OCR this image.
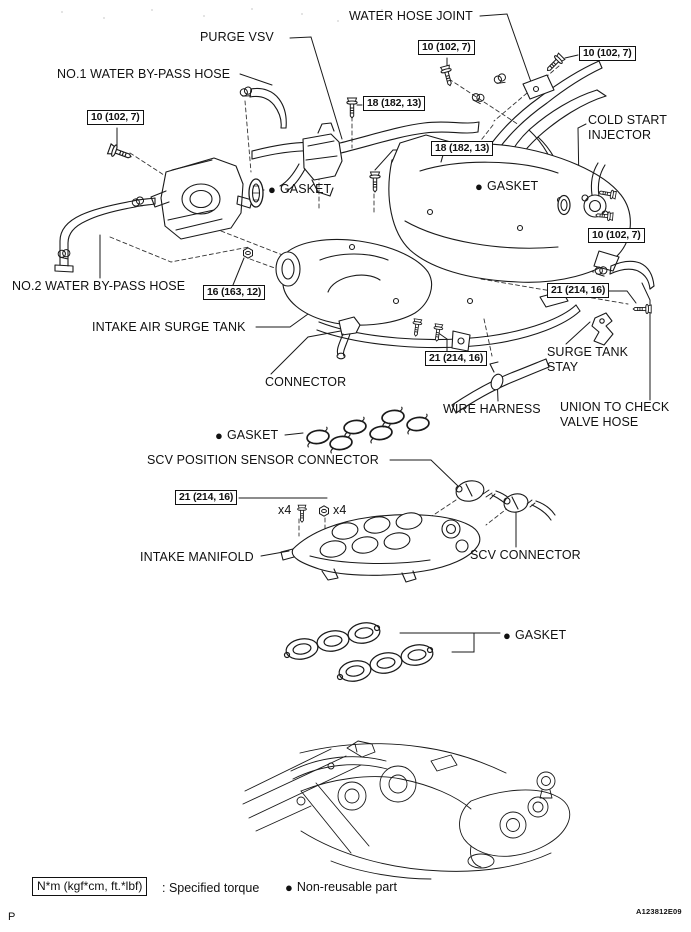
WATER HOSE JOINT
PURGE VSV
NO.1 WATER BY-PASS HOSE
COLD START INJECTOR
● GASKET	● GASKET
NO.2 WATER BY-PASS HOSE
INTAKE AIR SURGE TANK
CONNECTOR
WIRE HARNESS
SURGE TANK STAY
UNION TO CHECK VALVE HOSE
● GASKET
SCV POSITION SENSOR CONNECTOR
x4	x4
INTAKE MANIFOLD	SCV CONNECTOR
● GASKET
10 (102, 7)
18 (182, 13)
10 (102, 7)	10 (102, 7)
18 (182, 13)
10 (102, 7)
16 (163, 12)	21 (214, 16)
21 (214, 16)
21 (214, 16)
N*m (kgf*cm, ft.*lbf)	: Specified torque ● Non-reusable part
A123812E09
P
